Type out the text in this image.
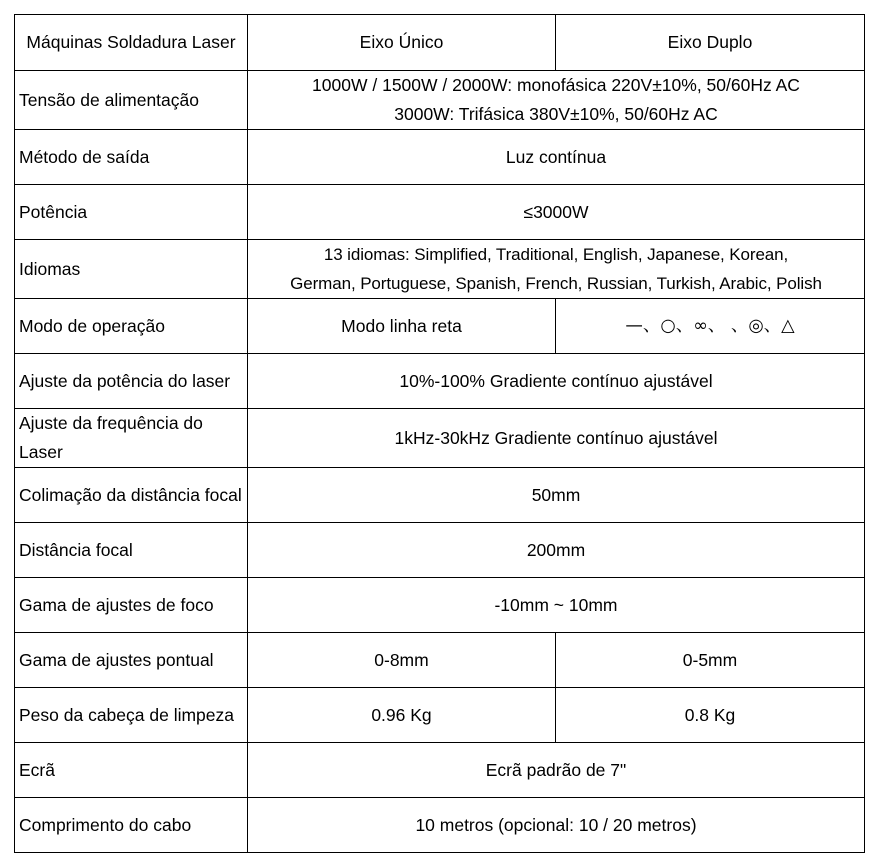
Máquinas Soldadura Laser	Eixo Único	Eixo Duplo
Tensão de alimentação	1000W / 1500W / 2000W: monofásica 220V±10%, 50/60Hz AC
3000W: Trifásica 380V±10%, 50/60Hz AC	

Método de saída	Luz contínua	
Potência	≤3000W	
Idiomas	13 idiomas: Simplified, Traditional, English, Japanese, Korean,
German, Portuguese, Spanish, French, Russian, Turkish, Arabic, Polish	

Modo de operação	Modo linha reta	—、○、∞、 、◎、△
Ajuste da potência do laser	10%-100% Gradiente contínuo ajustável	
Ajuste da frequência do Laser	1kHz-30kHz Gradiente contínuo ajustável	
Colimação da distância focal	50mm	
Distância focal	200mm	
Gama de ajustes de foco	-10mm ~ 10mm	
Gama de ajustes pontual	0-8mm	0-5mm
Peso da cabeça de limpeza	0.96 Kg	0.8 Kg
Ecrã	Ecrã padrão de 7"	
Comprimento do cabo	10 metros (opcional: 10 / 20 metros)	
